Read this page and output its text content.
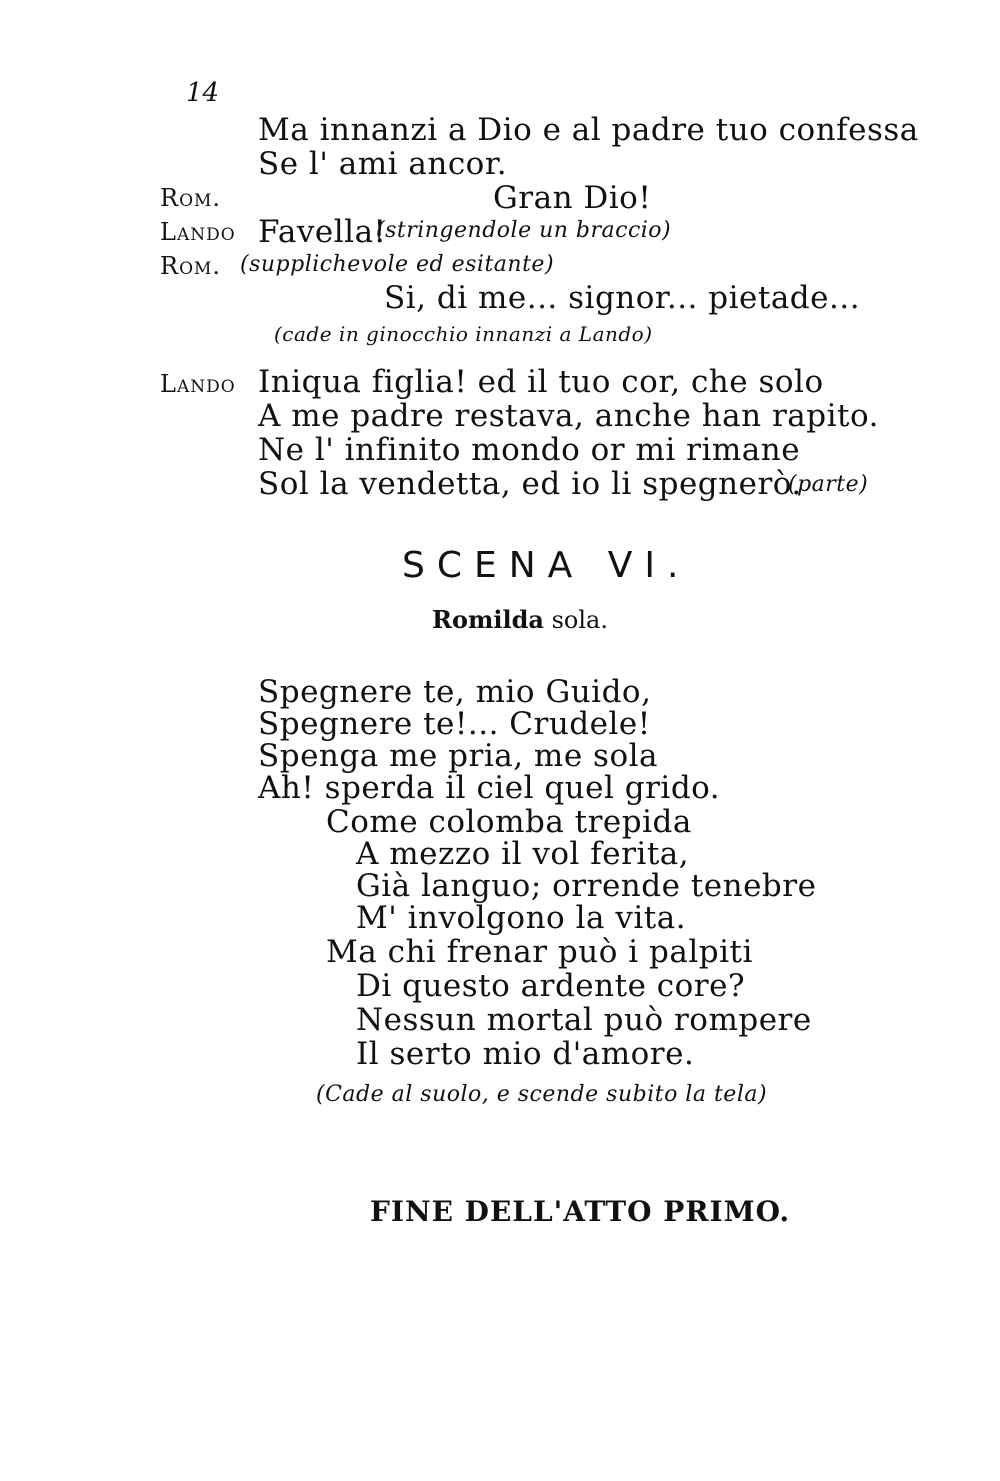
14
Ma innanzi a Dio e al padre tuo confessa
Se l' ami ancor.
Rom.	Gran Dio!
Lando Favella!
(stringendole un braccio)
Rom. (supplichevole ed esitante)
Si, di me... signor... pietade...
(cade in ginocchio innanzi a Lando)
Lando Iniqua figlia! ed il tuo cor, che solo
A me padre restava, anche han rapito.
Ne l' infinito mondo or mi rimane
Sol la vendetta, ed io li spegnerò.
(parte)
SCENA VI.
Romilda sola.
Spegnere te, mio Guido,
Spegnere te!... Crudele!
Spenga me pria, me sola
Ah! sperda il ciel quel grido.
Come colomba trepida
A mezzo il vol ferita,
Già languo; orrende tenebre
M' involgono la vita.
Ma chi frenar può i palpiti
Di questo ardente core?
Nessun mortal può rompere
Il serto mio d'amore.
(Cade al suolo, e scende subito la tela)
FINE DELL'ATTO PRIMO.
